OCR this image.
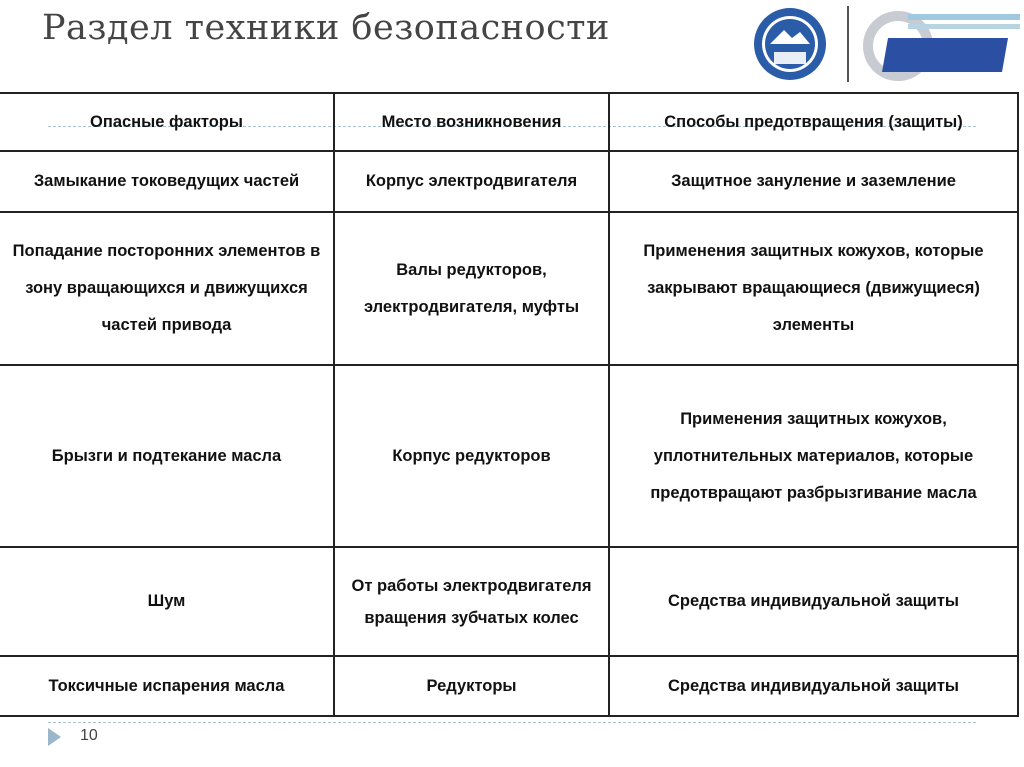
Раздел техники безопасности
Опасные факторы	Место возникновения	Способы предотвращения (защиты)
Замыкание токоведущих частей	Корпус электродвигателя	Защитное зануление и заземление
Попадание посторонних элементов в зону вращающихся и движущихся частей привода	Валы редукторов, электродвигателя, муфты	Применения защитных кожухов, которые закрывают вращающиеся (движущиеся) элементы
Брызги и подтекание масла	Корпус редукторов	Применения защитных кожухов, уплотнительных материалов, которые предотвращают разбрызгивание масла
Шум	От работы электродвигателя вращения зубчатых колес	Средства индивидуальной защиты
Токсичные испарения масла	Редукторы	Средства индивидуальной защиты
10
